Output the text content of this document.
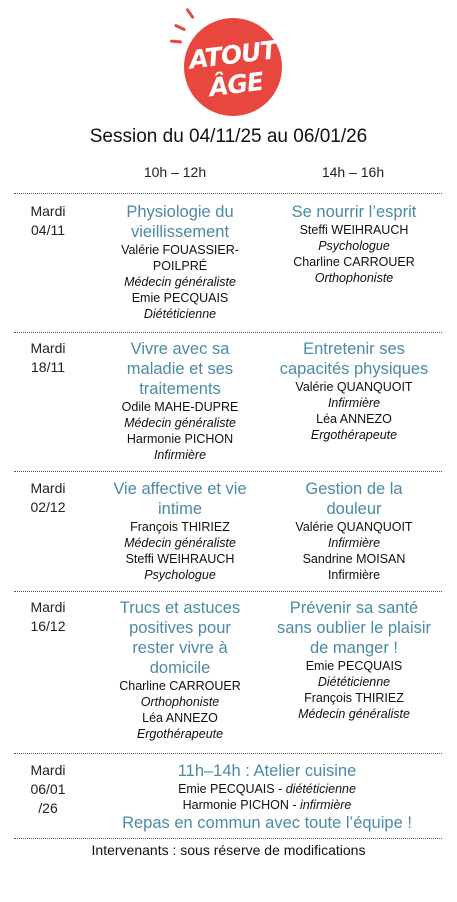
ATOUT'
ÂGE
Session du 04/11/25 au 06/01/26
10h – 12h	14h – 16h
Mardi
04/11
Physiologie du vieillissement
Valérie FOUASSIER-POILPRÉ
Médecin généraliste
Emie PECQUAIS
Diététicienne
Se nourrir l’esprit
Steffi WEIHRAUCH
Psychologue
Charline CARROUER
Orthophoniste
Mardi
18/11
Vivre avec sa maladie et ses traitements
Odile MAHE-DUPRE
Médecin généraliste
Harmonie PICHON
Infirmière
Entretenir ses capacités physiques
Valérie QUANQUOIT
Infirmière
Léa ANNEZO
Ergothérapeute
Mardi
02/12
Vie affective et vie intime
François THIRIEZ
Médecin généraliste
Steffi WEIHRAUCH
Psychologue
Gestion de la douleur
Valérie QUANQUOIT
Infirmière
Sandrine MOISAN
Infirmière
Mardi
16/12
Trucs et astuces positives pour rester vivre à domicile
Charline CARROUER
Orthophoniste
Léa ANNEZO
Ergothérapeute
Prévenir sa santé sans oublier le plaisir de manger !
Emie PECQUAIS
Diététicienne
François THIRIEZ
Médecin généraliste
Mardi
06/01
/26
11h–14h : Atelier cuisine
Emie PECQUAIS - diététicienne
Harmonie PICHON - infirmière
Repas en commun avec toute l’équipe !
Intervenants : sous réserve de modifications
